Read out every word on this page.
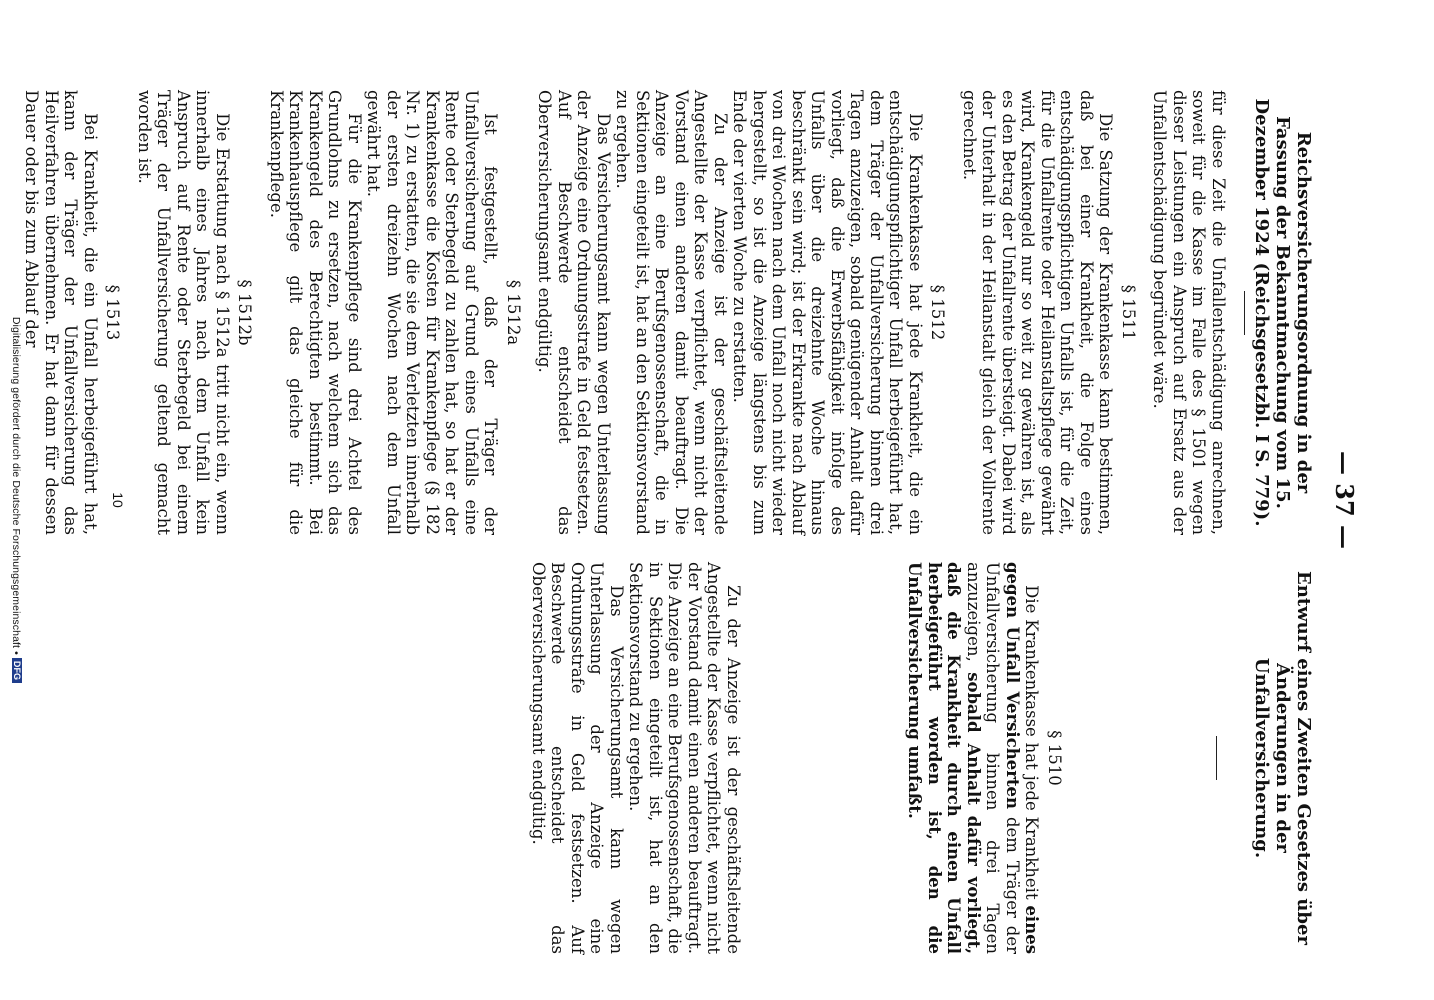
— 37 —
Reichsversicherungsordnung in der Fassung der Bekanntmachung vom 15. Dezember 1924 (Reichsgesetzbl. I S. 779).

für diese Zeit die Unfallentschädigung anrechnen, soweit für die Kasse im Falle des § 1501 wegen dieser Leistungen ein Anspruch auf Ersatz aus der Unfallentschädigung begründet wäre.

§ 1511

Die Satzung der Krankenkasse kann bestimmen, daß bei einer Krankheit, die Folge eines entschädigungspflichtigen Unfalls ist, für die Zeit, für die Unfallrente oder Heilanstaltspflege gewährt wird, Krankengeld nur so weit zu gewähren ist, als es den Betrag der Unfallrente übersteigt. Dabei wird der Unterhalt in der Heilanstalt gleich der Vollrente gerechnet.

§ 1512

Die Krankenkasse hat jede Krankheit, die ein entschädigungspflichtiger Unfall herbeigeführt hat, dem Träger der Unfallversicherung binnen drei Tagen anzuzeigen, sobald genügender Anhalt dafür vorliegt, daß die Erwerbsfähigkeit infolge des Unfalls über die dreizehnte Woche hinaus beschränkt sein wird; ist der Erkrankte nach Ablauf von drei Wochen nach dem Unfall noch nicht wieder hergestellt, so ist die Anzeige längstens bis zum Ende der vierten Woche zu erstatten.

Zu der Anzeige ist der geschäftsleitende Angestellte der Kasse verpflichtet, wenn nicht der Vorstand einen anderen damit beauftragt. Die Anzeige an eine Berufsgenossenschaft, die in Sektionen eingeteilt ist, hat an den Sektionsvorstand zu ergehen.

Das Versicherungsamt kann wegen Unterlassung der Anzeige eine Ordnungsstrafe in Geld festsetzen. Auf Beschwerde entscheidet das Oberversicherungsamt endgültig.

§ 1512a

Ist festgestellt, daß der Träger der Unfallversicherung auf Grund eines Unfalls eine Rente oder Sterbegeld zu zahlen hat, so hat er der Krankenkasse die Kosten für Krankenpflege (§ 182 Nr. 1) zu erstatten, die sie dem Verletzten innerhalb der ersten dreizehn Wochen nach dem Unfall gewährt hat.

Für die Krankenpflege sind drei Achtel des Grundlohns zu ersetzen, nach welchem sich das Krankengeld des Berechtigten bestimmt. Bei Krankenhauspflege gilt das gleiche für die Krankenpflege.

§ 1512b

Die Erstattung nach § 1512a tritt nicht ein, wenn innerhalb eines Jahres nach dem Unfall kein Anspruch auf Rente oder Sterbegeld bei einem Träger der Unfallversicherung geltend gemacht worden ist.

§ 1513

Bei Krankheit, die ein Unfall herbeigeführt hat, kann der Träger der Unfallversicherung das Heilverfahren übernehmen. Er hat dann für dessen Dauer oder bis zum Ablauf der

Entwurf eines Zweiten Gesetzes über Änderungen in der Unfallversicherung.
§ 1510

Die Krankenkasse hat jede Krankheit eines gegen Unfall Versicherten dem Träger der Unfallversicherung binnen drei Tagen anzuzeigen, sobald Anhalt dafür vorliegt, daß die Krankheit durch einen Unfall herbeigeführt worden ist, den die Unfallversicherung umfaßt.

Zu der Anzeige ist der geschäftsleitende Angestellte der Kasse verpflichtet, wenn nicht der Vorstand damit einen anderen beauftragt. Die Anzeige an eine Berufsgenossenschaft, die in Sektionen eingeteilt ist, hat an den Sektionsvorstand zu ergehen.

Das Versicherungsamt kann wegen Unterlassung der Anzeige eine Ordnungsstrafe in Geld festsetzen. Auf Beschwerde entscheidet das Oberversicherungsamt endgültig.

10
Digitalisierung gefördert durch die Deutsche Forschungsgemeinschaft •DFG
